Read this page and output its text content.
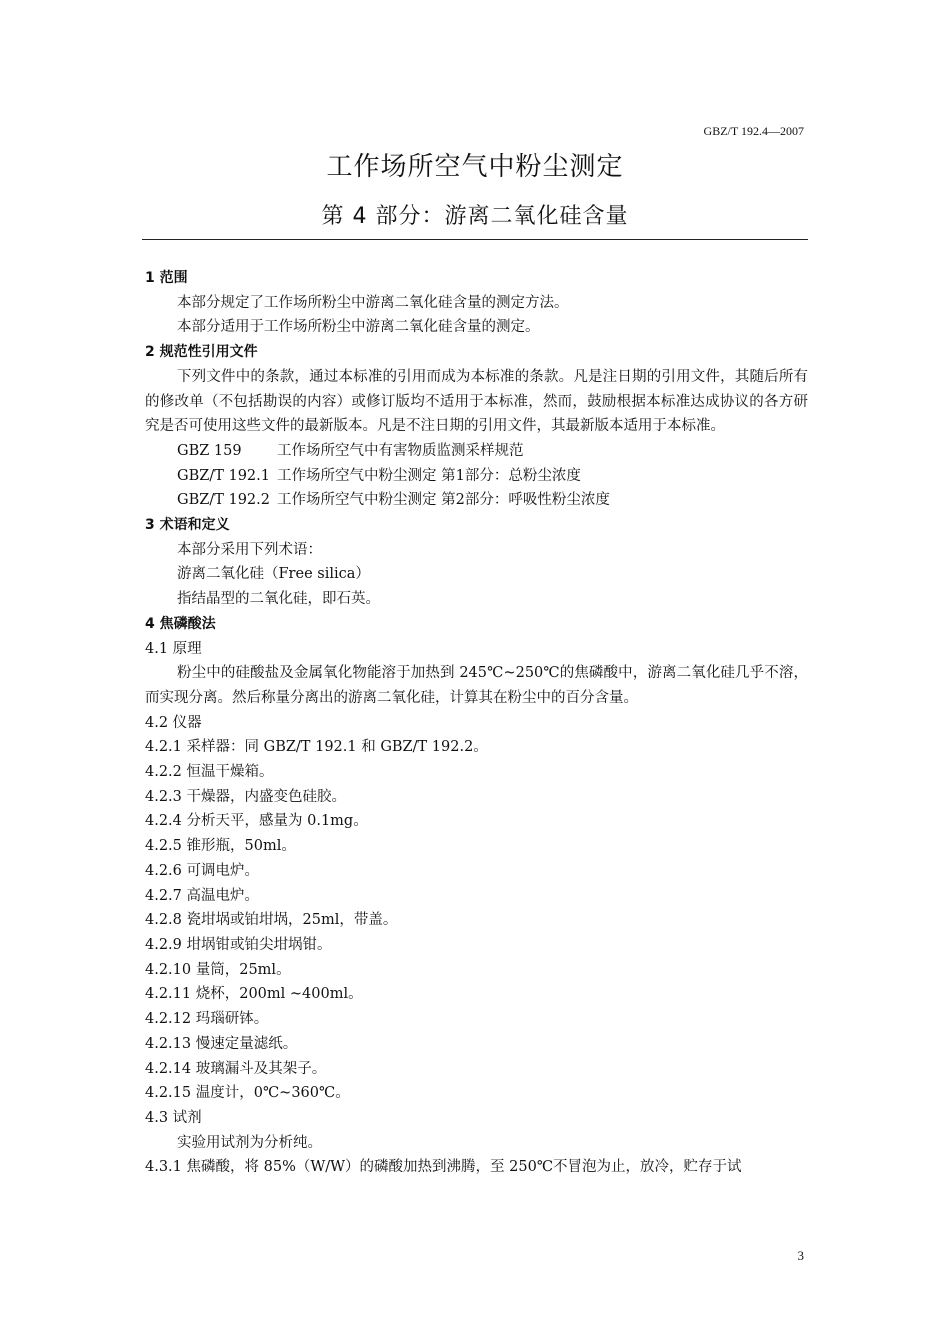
GBZ/T 192.4—2007
工作场所空气中粉尘测定
第 4 部分：游离二氧化硅含量
1 范围
本部分规定了工作场所粉尘中游离二氧化硅含量的测定方法。
本部分适用于工作场所粉尘中游离二氧化硅含量的测定。
2 规范性引用文件
下列文件中的条款，通过本标准的引用而成为本标准的条款。凡是注日期的引用文件，其随后所有的修改单（不包括勘误的内容）或修订版均不适用于本标准，然而，鼓励根据本标准达成协议的各方研究是否可使用这些文件的最新版本。凡是不注日期的引用文件，其最新版本适用于本标准。
GBZ 159 工作场所空气中有害物质监测采样规范
GBZ/T 192.1 工作场所空气中粉尘测定 第1部分：总粉尘浓度
GBZ/T 192.2 工作场所空气中粉尘测定 第2部分：呼吸性粉尘浓度
3 术语和定义
本部分采用下列术语：
游离二氧化硅（Free silica）
指结晶型的二氧化硅，即石英。
4 焦磷酸法
4.1 原理
粉尘中的硅酸盐及金属氧化物能溶于加热到 245℃~250℃的焦磷酸中，游离二氧化硅几乎不溶，而实现分离。然后称量分离出的游离二氧化硅，计算其在粉尘中的百分含量。
4.2 仪器
4.2.1 采样器：同 GBZ/T 192.1 和 GBZ/T 192.2。
4.2.2 恒温干燥箱。
4.2.3 干燥器，内盛变色硅胶。
4.2.4 分析天平，感量为 0.1mg。
4.2.5 锥形瓶，50ml。
4.2.6 可调电炉。
4.2.7 高温电炉。
4.2.8 瓷坩埚或铂坩埚，25ml，带盖。
4.2.9 坩埚钳或铂尖坩埚钳。
4.2.10 量筒，25ml。
4.2.11 烧杯，200ml ~400ml。
4.2.12 玛瑙研钵。
4.2.13 慢速定量滤纸。
4.2.14 玻璃漏斗及其架子。
4.2.15 温度计，0℃~360℃。
4.3 试剂
实验用试剂为分析纯。
4.3.1 焦磷酸，将 85%（W/W）的磷酸加热到沸腾，至 250℃不冒泡为止，放冷，贮存于试
3
